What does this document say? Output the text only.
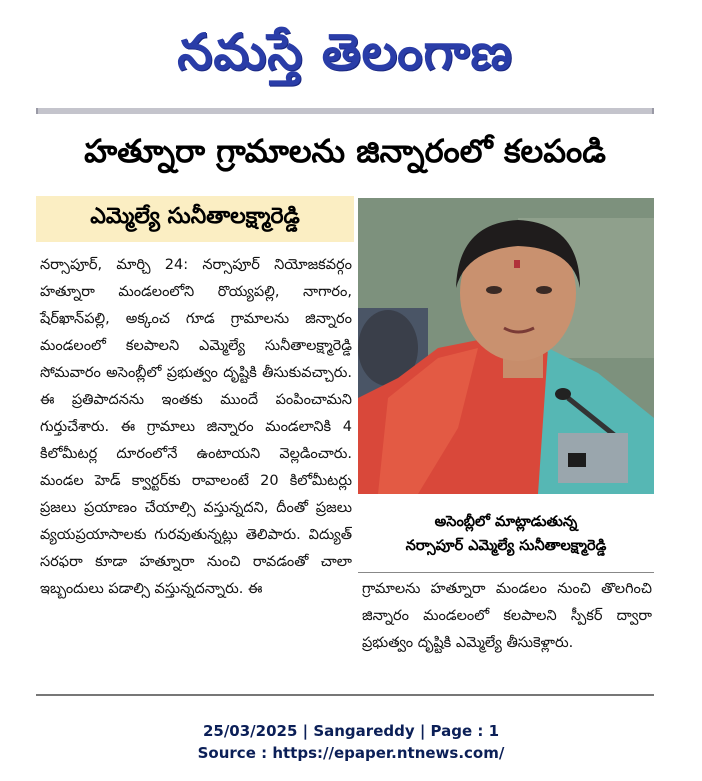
నమస్తే తెలంగాణ
హత్నూరా గ్రామాలను జిన్నారంలో కలపండి
ఎమ్మెల్యే సునీతాలక్ష్మారెడ్డి

నర్సాపూర్, మార్చి 24: నర్సాపూర్ నియోజకవర్గం హత్నూరా మండలంలోని రొయ్యపల్లి, నాగారం, షేర్‌ఖాన్‌పల్లి, అక్కంచ గూడ గ్రామాలను జిన్నారం మండలంలో కలపాలని ఎమ్మెల్యే సునీతాలక్ష్మారెడ్డి సోమవారం అసెంబ్లీలో ప్రభుత్వం దృష్టికి తీసుకువచ్చారు. ఈ ప్రతిపాదనను ఇంతకు ముందే పంపించామని గుర్తుచేశారు. ఈ గ్రామాలు జిన్నారం మండలానికి 4 కిలోమీటర్ల దూరంలోనే ఉంటాయని వెల్లడించారు. మండల హెడ్ క్వార్టర్‌కు రావాలంటే 20 కిలోమీటర్లు ప్రజలు ప్రయాణం చేయాల్సి వస్తున్నదని, దీంతో ప్రజలు వ్యయప్రయాసాలకు గురవుతున్నట్లు తెలిపారు. విద్యుత్ సరఫరా కూడా హత్నూరా నుంచి రావడంతో చాలా ఇబ్బందులు పడాల్సి వస్తున్నదన్నారు. ఈ

అసెంబ్లీలో మాట్లాడుతున్న
నర్సాపూర్ ఎమ్మెల్యే సునీతాలక్ష్మారెడ్డి

గ్రామాలను హత్నూరా మండలం నుంచి తొలగించి జిన్నారం మండలంలో కలపాలని స్పీకర్ ద్వారా ప్రభుత్వం దృష్టికి ఎమ్మెల్యే తీసుకెళ్లారు.

25/03/2025 | Sangareddy | Page : 1
Source : https://epaper.ntnews.com/
